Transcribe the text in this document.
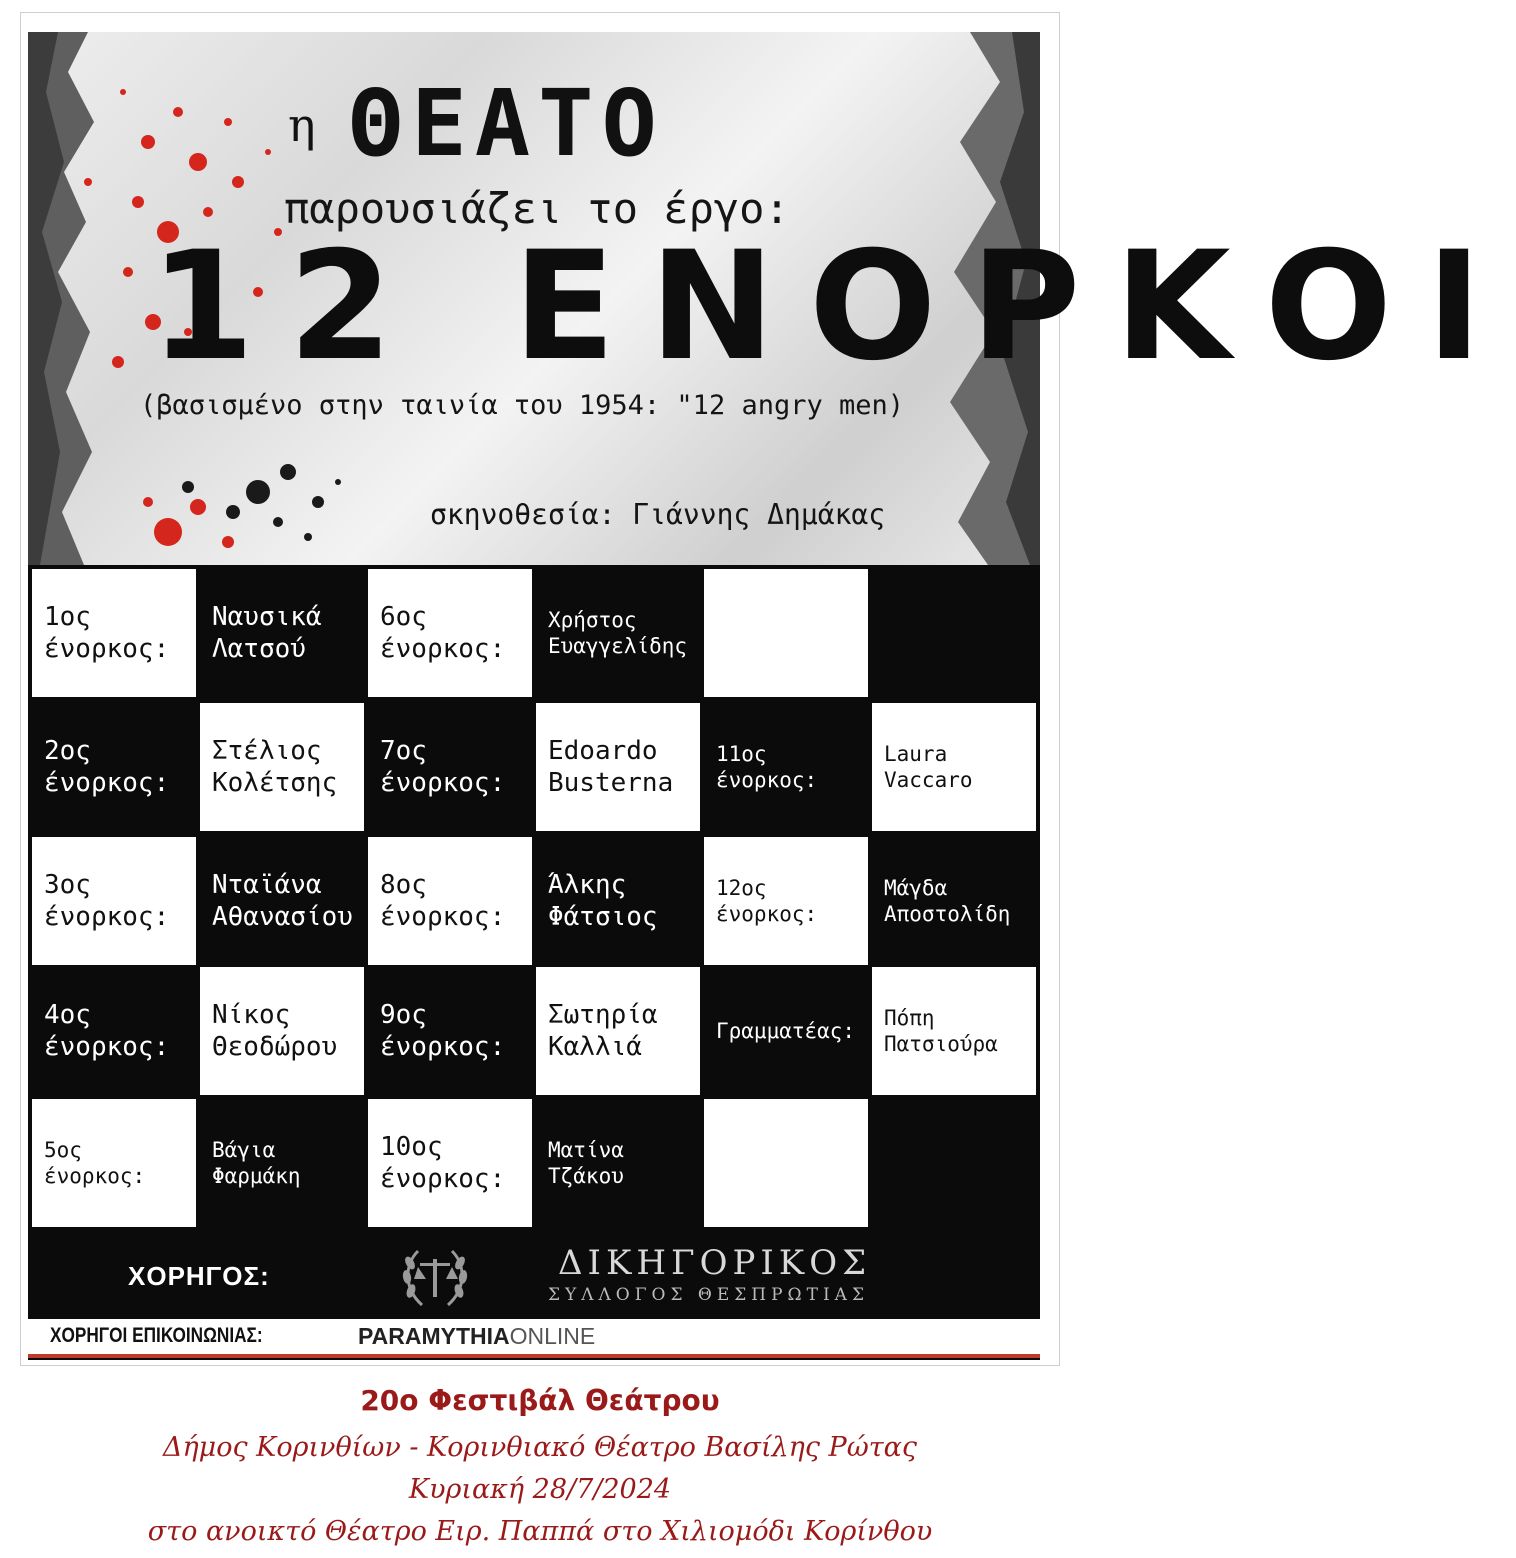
η ΘΕΑΤΟ
παρουσιάζει το έργο:
12 ΕΝΟΡΚΟΙ
(βασισμένο στην ταινία του 1954: "12 angry men)
σκηνοθεσία: Γιάννης Δημάκας
1ος
ένορκος:
Ναυσικά
Λατσού
6ος
ένορκος:
Χρήστος
Ευαγγελίδης
2ος
ένορκος:
Στέλιος
Κολέτσης
7ος
ένορκος:
Edoardo
Busterna
11ος
ένορκος:
Laura
Vaccaro
3ος
ένορκος:
Νταϊάνα
Αθανασίου
8ος
ένορκος:
Άλκης
Φάτσιος
12ος
ένορκος:
Μάγδα
Αποστολίδη
4ος
ένορκος:
Νίκος
Θεοδώρου
9ος
ένορκος:
Σωτηρία
Καλλιά
Γραμματέας:
Πόπη
Πατσιούρα
5ος
ένορκος:
Βάγια
Φαρμάκη
10ος
ένορκος:
Ματίνα
Τζάκου
ΧΟΡΗΓΟΣ:	ΔΙΚΗΓΟΡΙΚΟΣ
ΣΥΛΛΟΓΟΣ ΘΕΣΠΡΩΤΙΑΣ
ΧΟΡΗΓΟΙ ΕΠΙΚΟΙΝΩΝΙΑΣ:	PARAMYTHIAONLINE
20ο Φεστιβάλ Θεάτρου
Δήμος Κορινθίων - Κορινθιακό Θέατρο Βασίλης Ρώτας
Κυριακή 28/7/2024
στο ανοικτό Θέατρο Ειρ. Παππά στο Χιλιομόδι Κορίνθου
